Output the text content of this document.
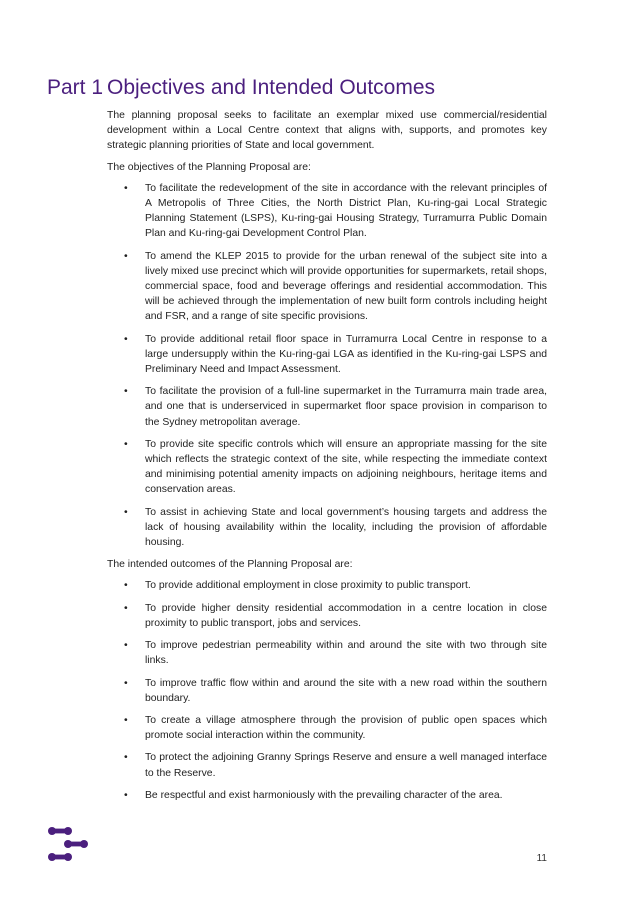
Part 1 Objectives and Intended Outcomes

The planning proposal seeks to facilitate an exemplar mixed use commercial/residential development within a Local Centre context that aligns with, supports, and promotes key strategic planning priorities of State and local government.

The objectives of the Planning Proposal are:

• To facilitate the redevelopment of the site in accordance with the relevant principles of A Metropolis of Three Cities, the North District Plan, Ku-ring-gai Local Strategic Planning Statement (LSPS), Ku-ring-gai Housing Strategy, Turramurra Public Domain Plan and Ku-ring-gai Development Control Plan.
• To amend the KLEP 2015 to provide for the urban renewal of the subject site into a lively mixed use precinct which will provide opportunities for supermarkets, retail shops, commercial space, food and beverage offerings and residential accommodation. This will be achieved through the implementation of new built form controls including height and FSR, and a range of site specific provisions.
• To provide additional retail floor space in Turramurra Local Centre in response to a large undersupply within the Ku-ring-gai LGA as identified in the Ku-ring-gai LSPS and Preliminary Need and Impact Assessment.
• To facilitate the provision of a full-line supermarket in the Turramurra main trade area, and one that is underserviced in supermarket floor space provision in comparison to the Sydney metropolitan average.
• To provide site specific controls which will ensure an appropriate massing for the site which reflects the strategic context of the site, while respecting the immediate context and minimising potential amenity impacts on adjoining neighbours, heritage items and conservation areas.
• To assist in achieving State and local government’s housing targets and address the lack of housing availability within the locality, including the provision of affordable housing.

The intended outcomes of the Planning Proposal are:

• To provide additional employment in close proximity to public transport.
• To provide higher density residential accommodation in a centre location in close proximity to public transport, jobs and services.
• To improve pedestrian permeability within and around the site with two through site links.
• To improve traffic flow within and around the site with a new road within the southern boundary.
• To create a village atmosphere through the provision of public open spaces which promote social interaction within the community.
• To protect the adjoining Granny Springs Reserve and ensure a well managed interface to the Reserve.
• Be respectful and exist harmoniously with the prevailing character of the area.
11
